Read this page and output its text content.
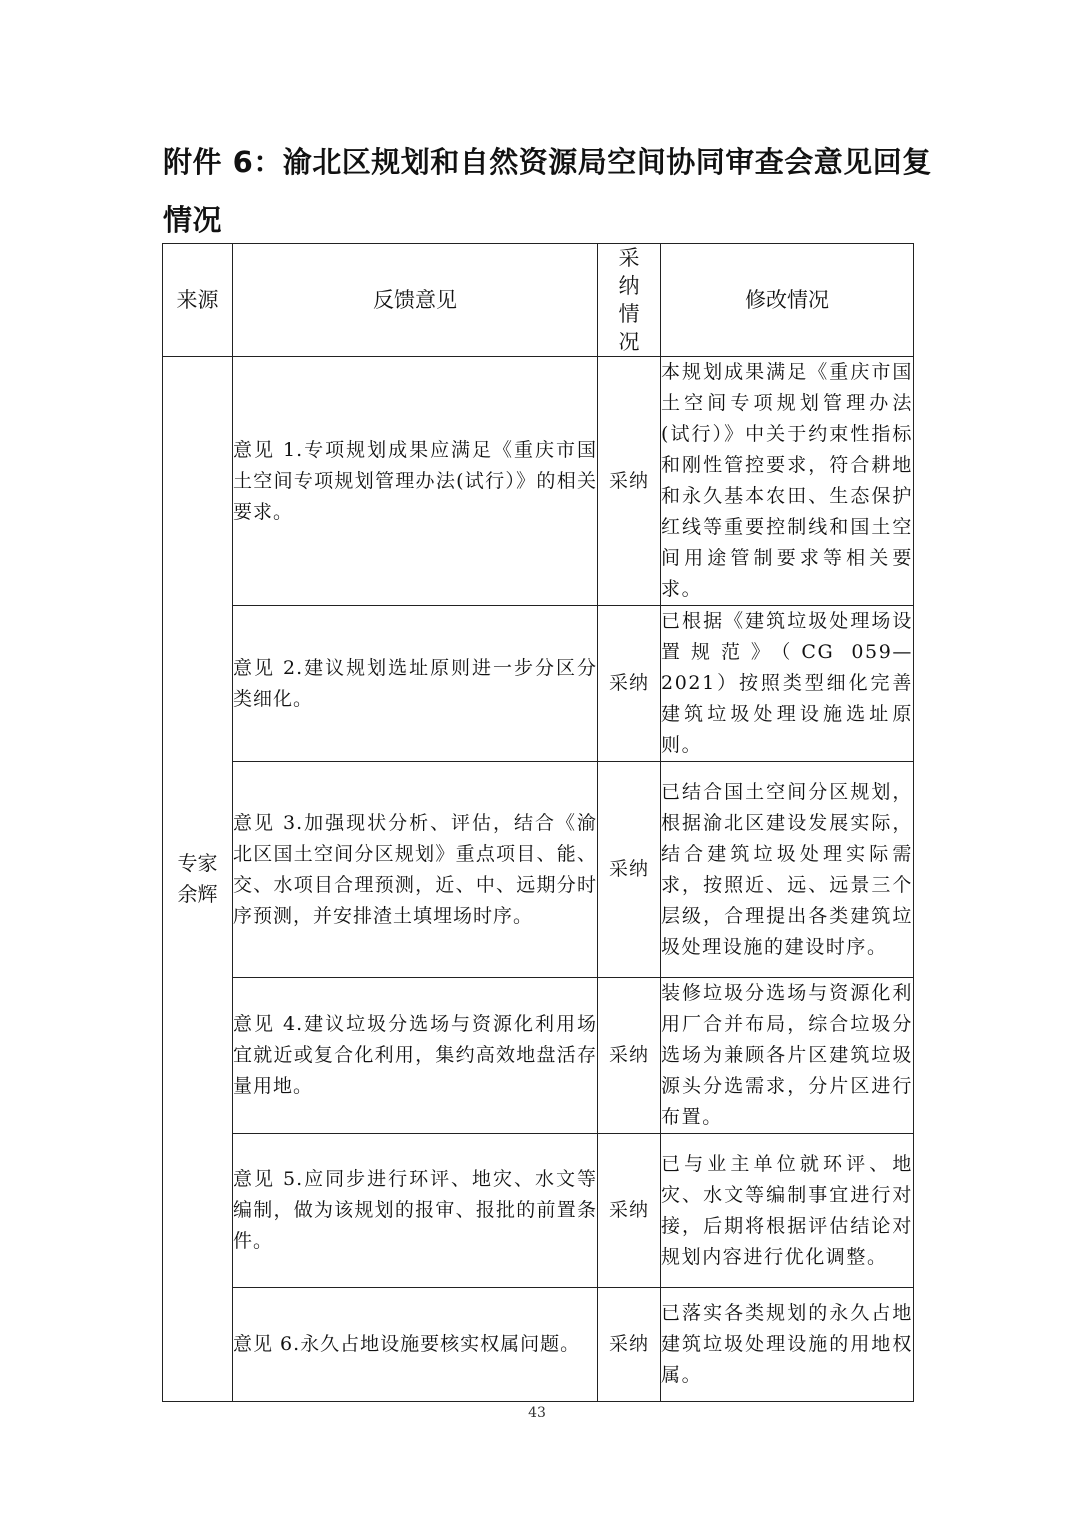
附件 6：渝北区规划和自然资源局空间协同审查会意见回复情况
来源	反馈意见	采纳情况	修改情况

专家余辉	意见 1.专项规划成果应满足《重庆市国土空间专项规划管理办法(试行）》的相关要求。	采纳	本规划成果满足《重庆市国土空间专项规划管理办法(试行）》中关于约束性指标和刚性管控要求，符合耕地和永久基本农田、生态保护红线等重要控制线和国土空间用途管制要求等相关要求。
	意见 2.建议规划选址原则进一步分区分类细化。	采纳	已根据《建筑垃圾处理场设置规范》（CG 059—2021）按照类型细化完善建筑垃圾处理设施选址原则。
	意见 3.加强现状分析、评估，结合《渝北区国土空间分区规划》重点项目、能、交、水项目合理预测，近、中、远期分时序预测，并安排渣土填埋场时序。	采纳	已结合国土空间分区规划，根据渝北区建设发展实际，结合建筑垃圾处理实际需求，按照近、远、远景三个层级，合理提出各类建筑垃圾处理设施的建设时序。
	意见 4.建议垃圾分选场与资源化利用场宜就近或复合化利用，集约高效地盘活存量用地。	采纳	装修垃圾分选场与资源化利用厂合并布局，综合垃圾分选场为兼顾各片区建筑垃圾源头分选需求，分片区进行布置。
	意见 5.应同步进行环评、地灾、水文等编制，做为该规划的报审、报批的前置条件。	采纳	已与业主单位就环评、地灾、水文等编制事宜进行对接，后期将根据评估结论对规划内容进行优化调整。
	意见 6.永久占地设施要核实权属问题。	采纳	已落实各类规划的永久占地建筑垃圾处理设施的用地权属。
43
